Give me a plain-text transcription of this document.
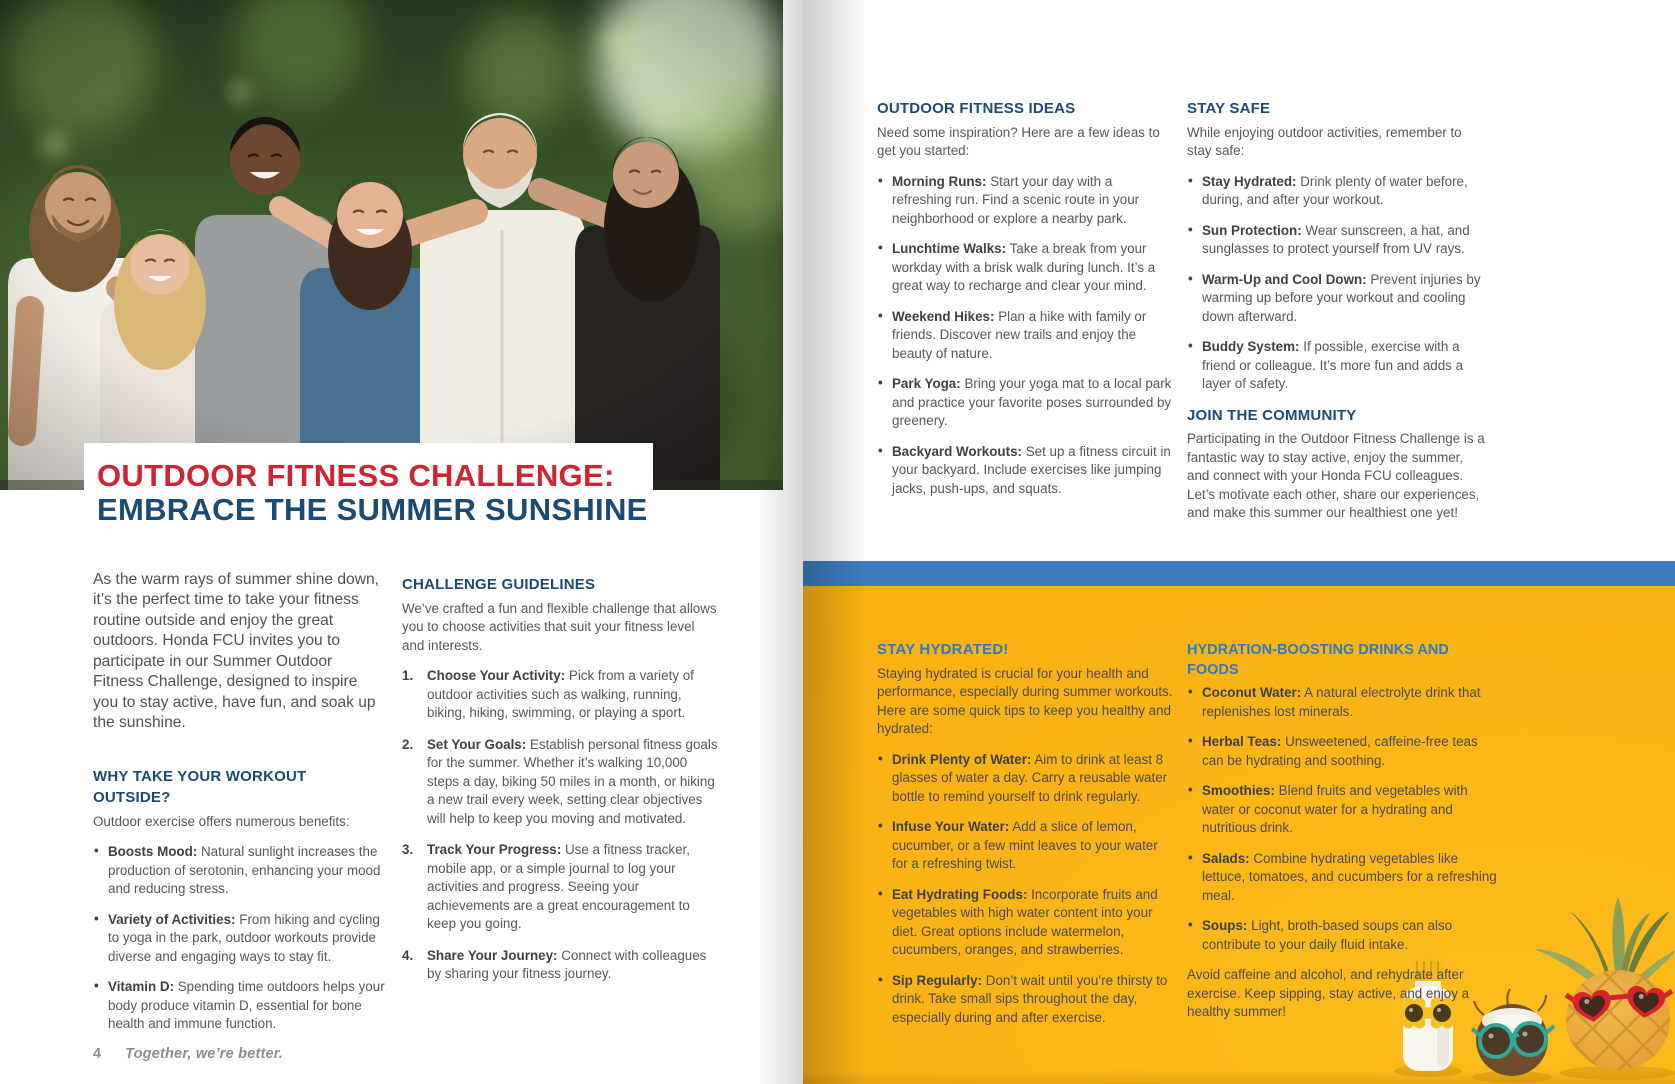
OUTDOOR FITNESS CHALLENGE:
EMBRACE THE SUMMER SUNSHINE

As the warm rays of summer shine down, it’s the perfect time to take your fitness routine outside and enjoy the great outdoors. Honda FCU invites you to participate in our Summer Outdoor Fitness Challenge, designed to inspire you to stay active, have fun, and soak up the sunshine.

WHY TAKE YOUR WORKOUT OUTSIDE?

Outdoor exercise offers numerous benefits:

• Boosts Mood: Natural sunlight increases the production of serotonin, enhancing your mood and reducing stress.
• Variety of Activities: From hiking and cycling to yoga in the park, outdoor workouts provide diverse and engaging ways to stay fit.
• Vitamin D: Spending time outdoors helps your body produce vitamin D, essential for bone health and immune function.
CHALLENGE GUIDELINES

We’ve crafted a fun and flexible challenge that allows you to choose activities that suit your fitness level and interests.

Choose Your Activity: Pick from a variety of outdoor activities such as walking, running, biking, hiking, swimming, or playing a sport.
Set Your Goals: Establish personal fitness goals for the summer. Whether it’s walking 10,000 steps a day, biking 50 miles in a month, or hiking a new trail every week, setting clear objectives will help to keep you moving and motivated.
Track Your Progress: Use a fitness tracker, mobile app, or a simple journal to log your activities and progress. Seeing your achievements are a great encouragement to keep you going.
Share Your Journey: Connect with colleagues by sharing your fitness journey.
4 Together, we’re better.
OUTDOOR FITNESS IDEAS

Need some inspiration? Here are a few ideas to get you started:

• Morning Runs: Start your day with a refreshing run. Find a scenic route in your neighborhood or explore a nearby park.
• Lunchtime Walks: Take a break from your workday with a brisk walk during lunch. It’s a great way to recharge and clear your mind.
• Weekend Hikes: Plan a hike with family or friends. Discover new trails and enjoy the beauty of nature.
• Park Yoga: Bring your yoga mat to a local park and practice your favorite poses surrounded by greenery.
• Backyard Workouts: Set up a fitness circuit in your backyard. Include exercises like jumping jacks, push-ups, and squats.
STAY SAFE

While enjoying outdoor activities, remember to stay safe:

• Stay Hydrated: Drink plenty of water before, during, and after your workout.
• Sun Protection: Wear sunscreen, a hat, and sunglasses to protect yourself from UV rays.
• Warm-Up and Cool Down: Prevent injuries by warming up before your workout and cooling down afterward.
• Buddy System: If possible, exercise with a friend or colleague. It’s more fun and adds a layer of safety.
JOIN THE COMMUNITY

Participating in the Outdoor Fitness Challenge is a fantastic way to stay active, enjoy the summer, and connect with your Honda FCU colleagues. Let’s motivate each other, share our experiences, and make this summer our healthiest one yet!

STAY HYDRATED!

Staying hydrated is crucial for your health and performance, especially during summer workouts. Here are some quick tips to keep you healthy and hydrated:

• Drink Plenty of Water: Aim to drink at least 8 glasses of water a day. Carry a reusable water bottle to remind yourself to drink regularly.
• Infuse Your Water: Add a slice of lemon, cucumber, or a few mint leaves to your water for a refreshing twist.
• Eat Hydrating Foods: Incorporate fruits and vegetables with high water content into your diet. Great options include watermelon, cucumbers, oranges, and strawberries.
• Sip Regularly: Don’t wait until you’re thirsty to drink. Take small sips throughout the day, especially during and after exercise.
HYDRATION-BOOSTING DRINKS AND FOODS
• Coconut Water: A natural electrolyte drink that replenishes lost minerals.
• Herbal Teas: Unsweetened, caffeine-free teas can be hydrating and soothing.
• Smoothies: Blend fruits and vegetables with water or coconut water for a hydrating and nutritious drink.
• Salads: Combine hydrating vegetables like lettuce, tomatoes, and cucumbers for a refreshing meal.
• Soups: Light, broth-based soups can also contribute to your daily fluid intake.

Avoid caffeine and alcohol, and rehydrate after exercise. Keep sipping, stay active, and enjoy a healthy summer!
